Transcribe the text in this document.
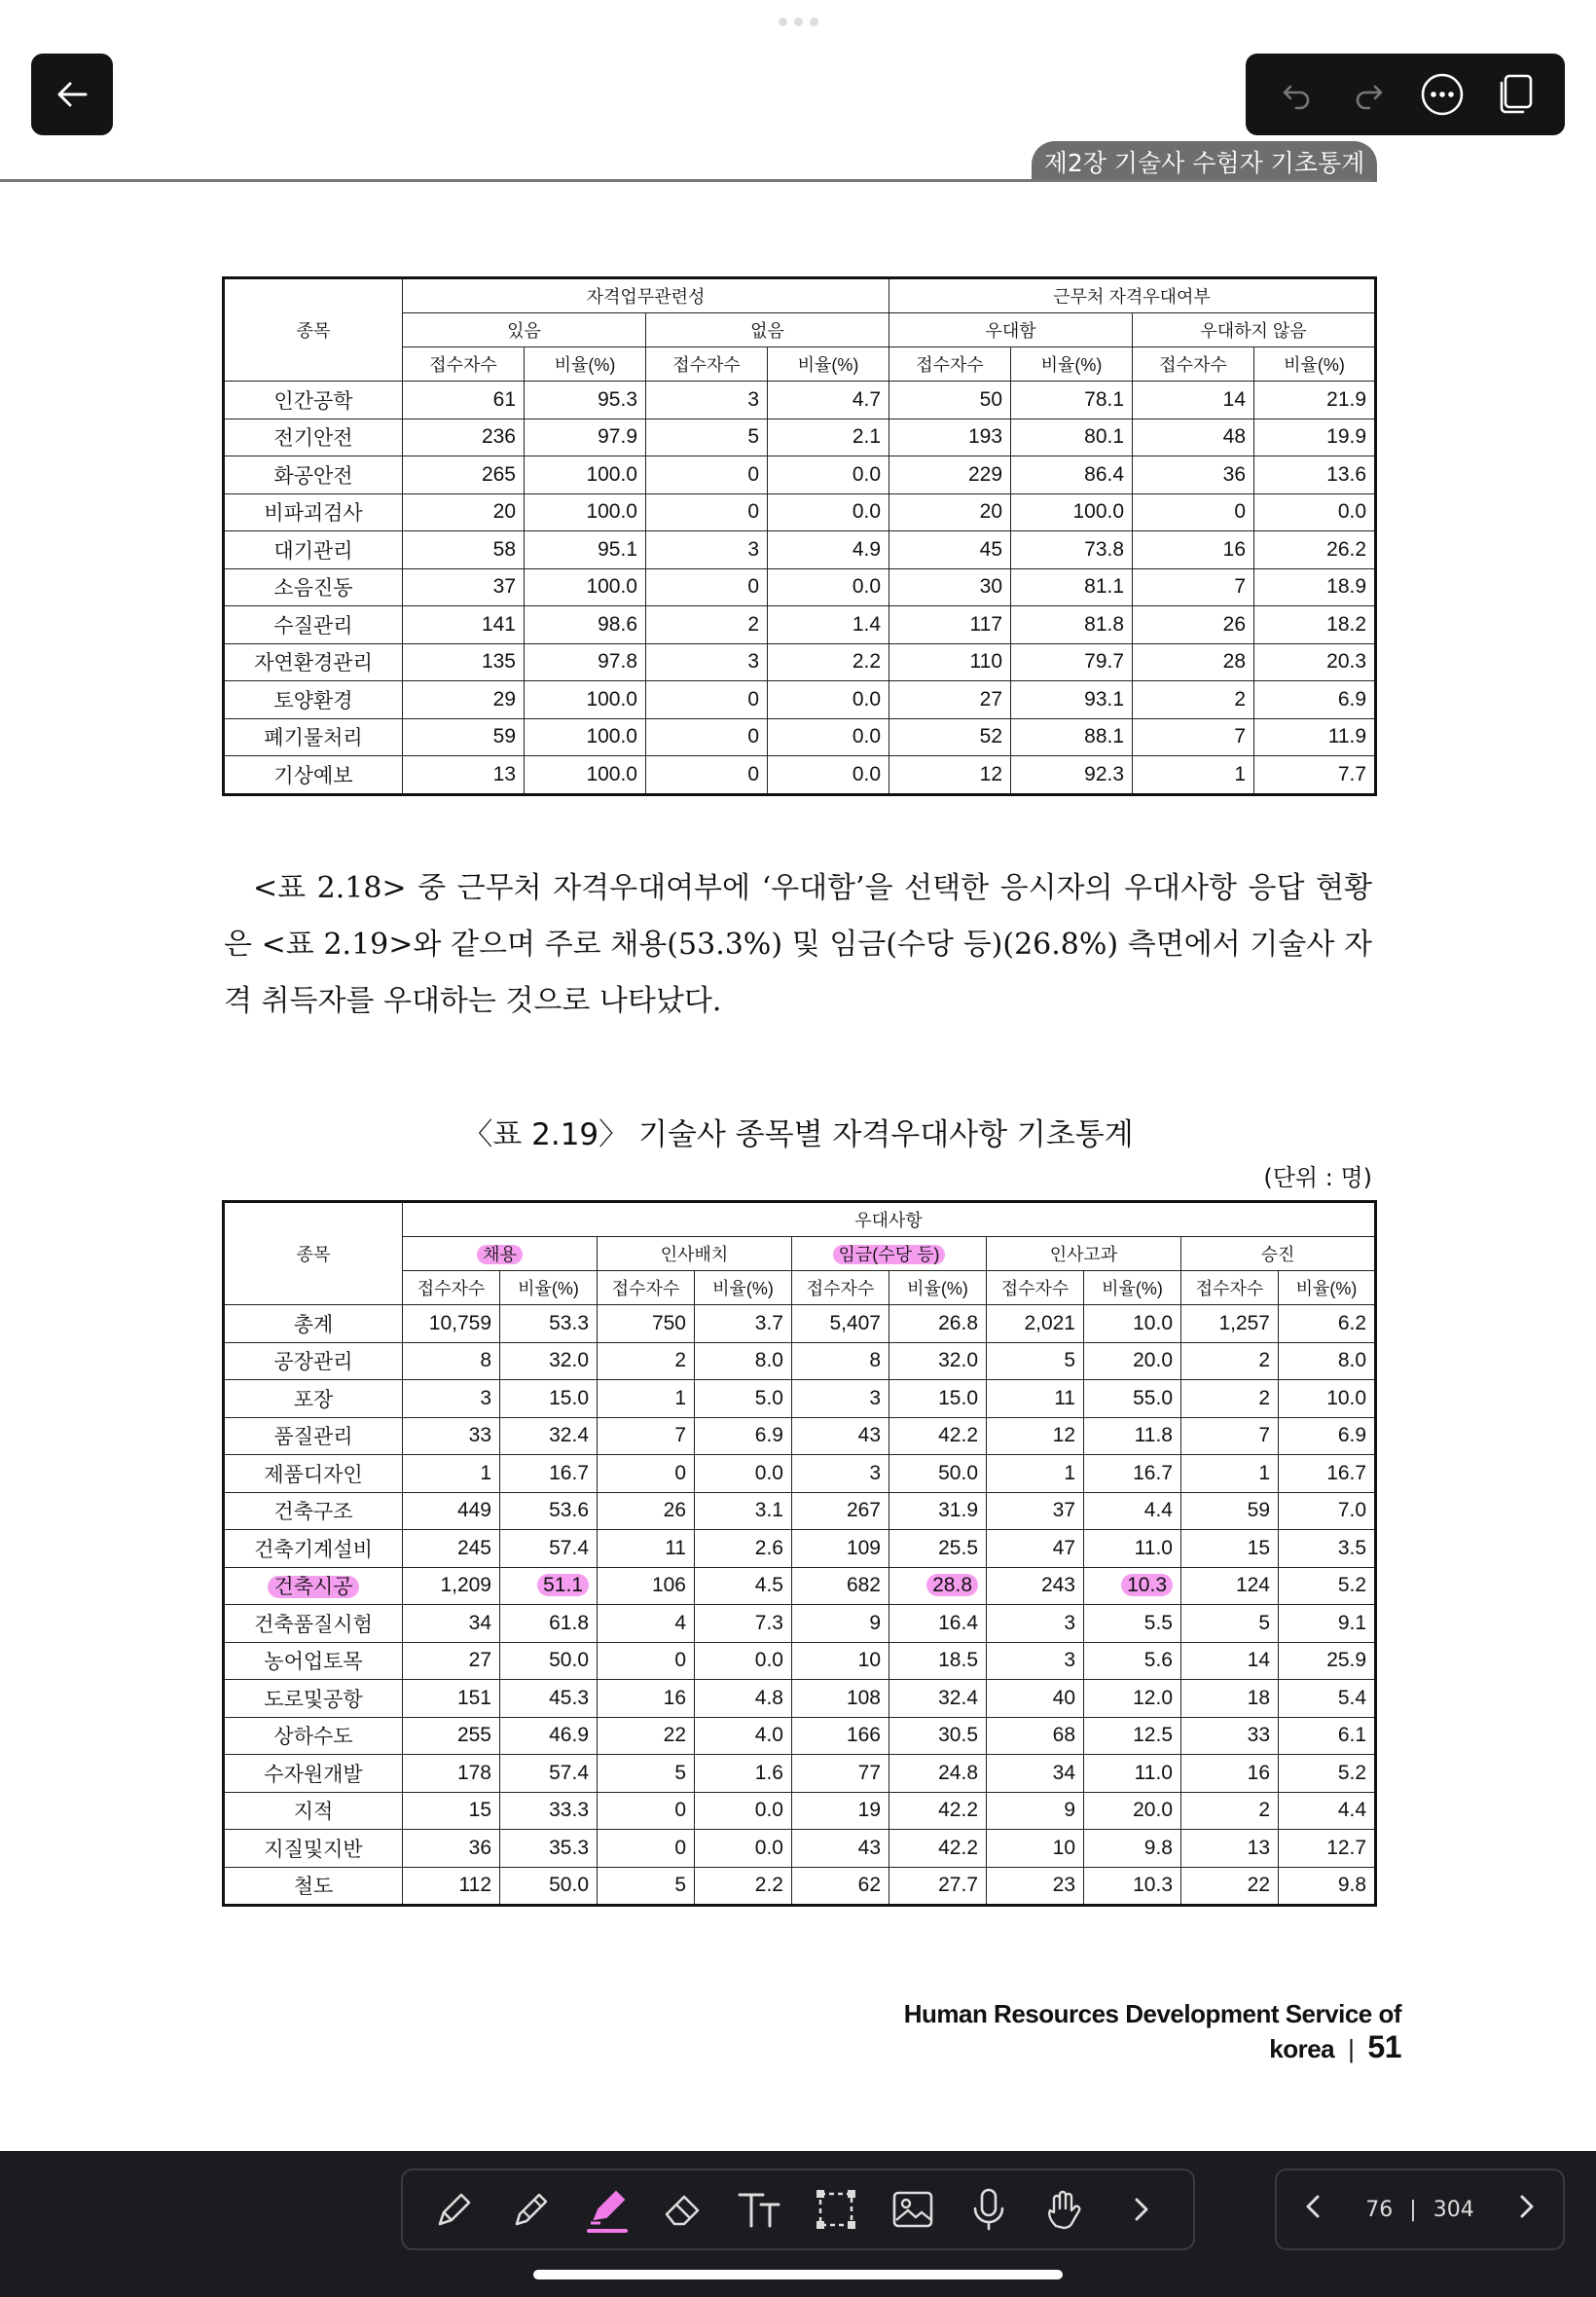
제2장 기술사 수험자 기초통계
종목	자격업무관련성				근무처 자격우대여부			
	있음		없음		우대함		우대하지 않음	
	접수자수	비율(%)	접수자수	비율(%)	접수자수	비율(%)	접수자수	비율(%)
인간공학	61	95.3	3	4.7	50	78.1	14	21.9
전기안전	236	97.9	5	2.1	193	80.1	48	19.9
화공안전	265	100.0	0	0.0	229	86.4	36	13.6
비파괴검사	20	100.0	0	0.0	20	100.0	0	0.0
대기관리	58	95.1	3	4.9	45	73.8	16	26.2
소음진동	37	100.0	0	0.0	30	81.1	7	18.9
수질관리	141	98.6	2	1.4	117	81.8	26	18.2
자연환경관리	135	97.8	3	2.2	110	79.7	28	20.3
토양환경	29	100.0	0	0.0	27	93.1	2	6.9
폐기물처리	59	100.0	0	0.0	52	88.1	7	11.9
기상예보	13	100.0	0	0.0	12	92.3	1	7.7
<표 2.18> 중 근무처 자격우대여부에 ‘우대함’을 선택한 응시자의 우대사항 응답 현황은 <표 2.19>와 같으며 주로 채용(53.3%) 및 임금(수당 등)(26.8%) 측면에서 기술사 자격 취득자를 우대하는 것으로 나타났다.
〈표 2.19〉 기술사 종목별 자격우대사항 기초통계
(단위 : 명)
종목	우대사항									
	채용		인사배치		임금(수당 등)		인사고과		승진	
	접수자수	비율(%)	접수자수	비율(%)	접수자수	비율(%)	접수자수	비율(%)	접수자수	비율(%)
총계	10,759	53.3	750	3.7	5,407	26.8	2,021	10.0	1,257	6.2
공장관리	8	32.0	2	8.0	8	32.0	5	20.0	2	8.0
포장	3	15.0	1	5.0	3	15.0	11	55.0	2	10.0
품질관리	33	32.4	7	6.9	43	42.2	12	11.8	7	6.9
제품디자인	1	16.7	0	0.0	3	50.0	1	16.7	1	16.7
건축구조	449	53.6	26	3.1	267	31.9	37	4.4	59	7.0
건축기계설비	245	57.4	11	2.6	109	25.5	47	11.0	15	3.5
건축시공	1,209	51.1	106	4.5	682	28.8	243	10.3	124	5.2
건축품질시험	34	61.8	4	7.3	9	16.4	3	5.5	5	9.1
농어업토목	27	50.0	0	0.0	10	18.5	3	5.6	14	25.9
도로및공항	151	45.3	16	4.8	108	32.4	40	12.0	18	5.4
상하수도	255	46.9	22	4.0	166	30.5	68	12.5	33	6.1
수자원개발	178	57.4	5	1.6	77	24.8	34	11.0	16	5.2
지적	15	33.3	0	0.0	19	42.2	9	20.0	2	4.4
지질및지반	36	35.3	0	0.0	43	42.2	10	9.8	13	12.7
철도	112	50.0	5	2.2	62	27.7	23	10.3	22	9.8
Human Resources Development Service of korea | 51
76 | 304
